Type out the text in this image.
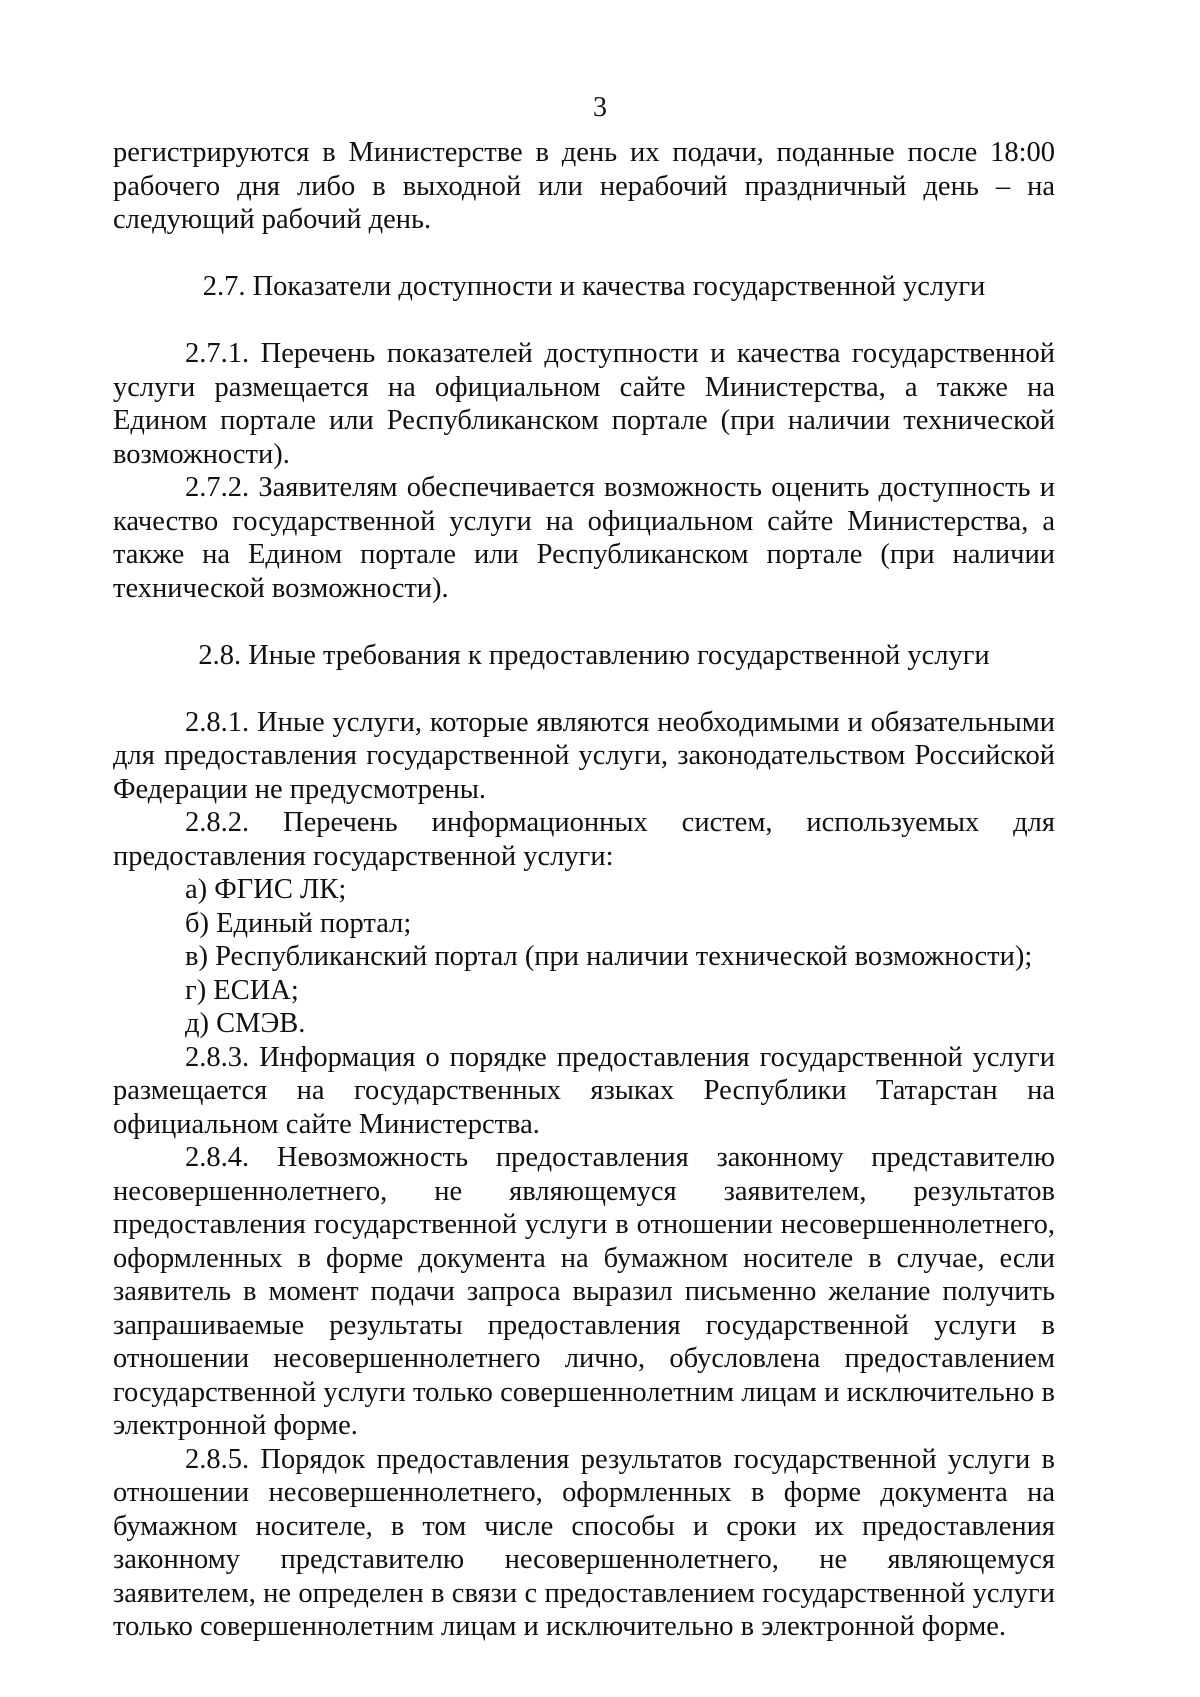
3

регистрируются в Министерстве в день их подачи, поданные после 18:00 рабочего дня либо в выходной или нерабочий праздничный день – на следующий рабочий день.

2.7. Показатели доступности и качества государственной услуги

2.7.1. Перечень показателей доступности и качества государственной услуги размещается на официальном сайте Министерства, а также на Едином портале или Республиканском портале (при наличии технической возможности).

2.7.2. Заявителям обеспечивается возможность оценить доступность и качество государственной услуги на официальном сайте Министерства, а также на Едином портале или Республиканском портале (при наличии технической возможности).

2.8. Иные требования к предоставлению государственной услуги

2.8.1. Иные услуги, которые являются необходимыми и обязательными для предоставления государственной услуги, законодательством Российской Федерации не предусмотрены.

2.8.2. Перечень информационных систем, используемых для предоставления государственной услуги:

а) ФГИС ЛК;

б) Единый портал;

в) Республиканский портал (при наличии технической возможности);

г) ЕСИА;

д) СМЭВ.

2.8.3. Информация о порядке предоставления государственной услуги размещается на государственных языках Республики Татарстан на официальном сайте Министерства.

2.8.4. Невозможность предоставления законному представителю несовершеннолетнего, не являющемуся заявителем, результатов предоставления государственной услуги в отношении несовершеннолетнего, оформленных в форме документа на бумажном носителе в случае, если заявитель в момент подачи запроса выразил письменно желание получить запрашиваемые результаты предоставления государственной услуги в отношении несовершеннолетнего лично, обусловлена предоставлением государственной услуги только совершеннолетним лицам и исключительно в электронной форме.

2.8.5. Порядок предоставления результатов государственной услуги в отношении несовершеннолетнего, оформленных в форме документа на бумажном носителе, в том числе способы и сроки их предоставления законному представителю несовершеннолетнего, не являющемуся заявителем, не определен в связи с предоставлением государственной услуги только совершеннолетним лицам и исключительно в электронной форме.
